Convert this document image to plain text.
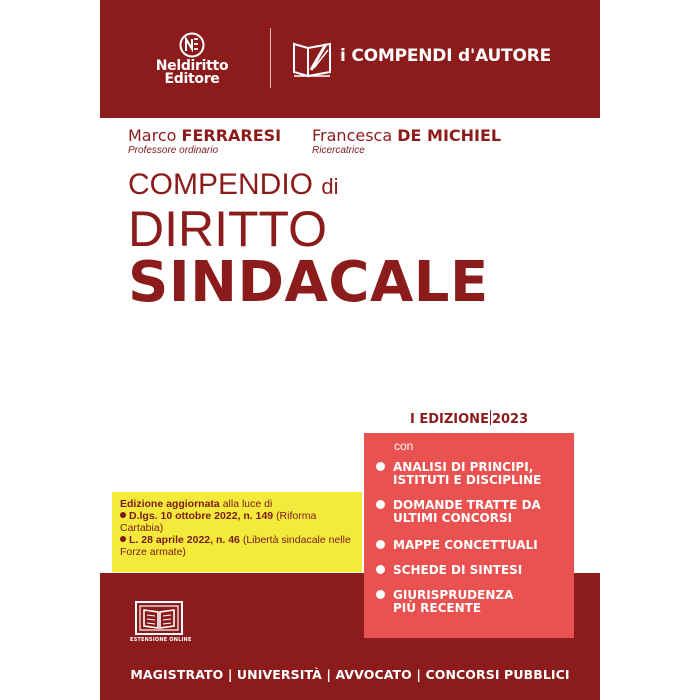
Neldiritto Editore
i COMPENDI d'AUTORE
Marco FERRARESI
Professore ordinario
Francesca DE MICHIEL
Ricercatrice
COMPENDIO di
DIRITTO
SINDACALE
I EDIZIONE 2023
con
ANALISI DI PRINCIPI,
ISTITUTI E DISCIPLINE
DOMANDE TRATTE DA
ULTIMI CONCORSI
MAPPE CONCETTUALI
SCHEDE DI SINTESI
GIURISPRUDENZA
PIÙ RECENTE
Edizione aggiornata alla luce di
D.lgs. 10 ottobre 2022, n. 149 (Riforma Cartabia)
L. 28 aprile 2022, n. 46 (Libertà sindacale nelle Forze armate)
ESTENSIONE ONLINE
MAGISTRATO | UNIVERSITÀ | AVVOCATO | CONCORSI PUBBLICI
